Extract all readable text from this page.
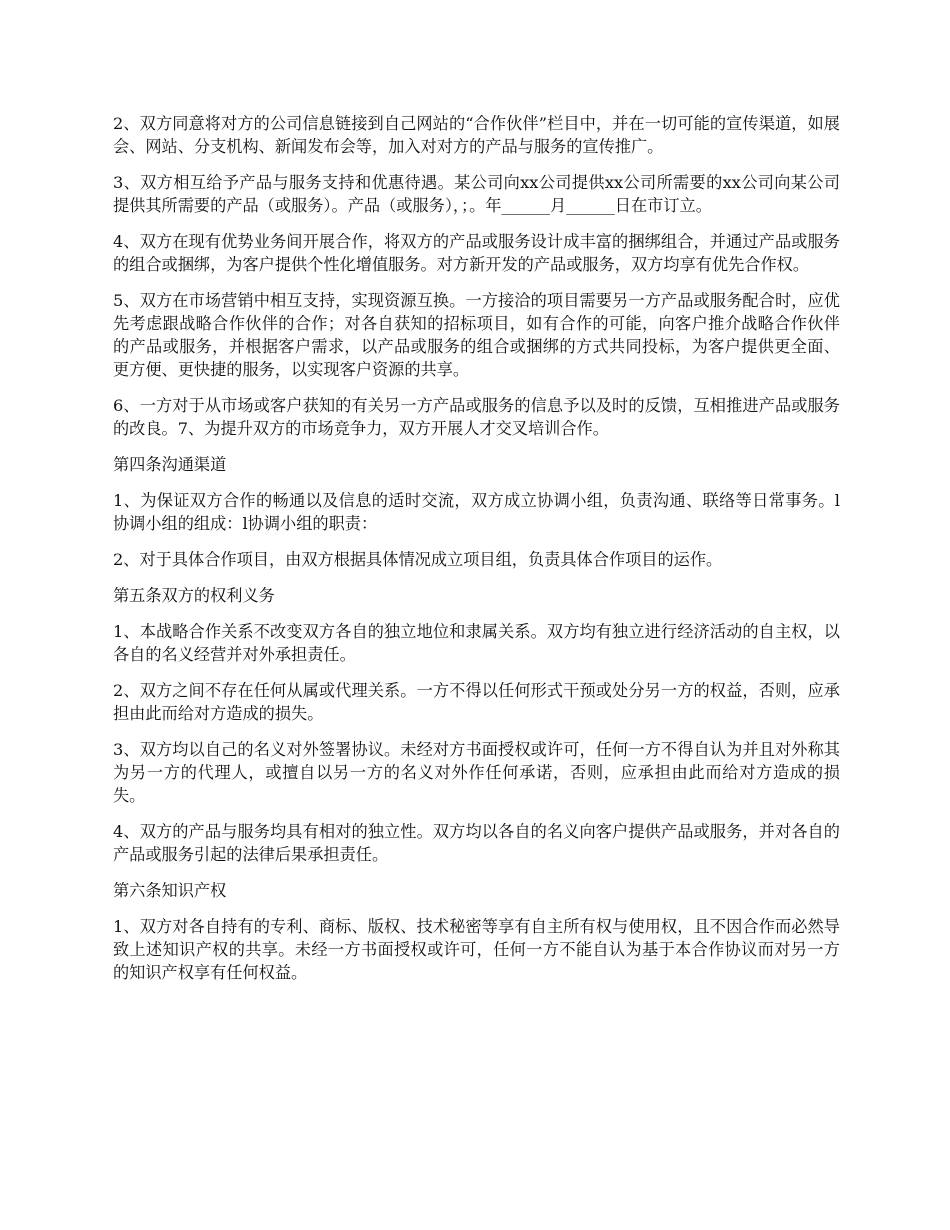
2、双方同意将对方的公司信息链接到自己网站的“合作伙伴”栏目中，并在一切可能的宣传渠道，如展会、网站、分支机构、新闻发布会等，加入对对方的产品与服务的宣传推广。

3、双方相互给予产品与服务支持和优惠待遇。某公司向xx公司提供xx公司所需要的xx公司向某公司提供其所需要的产品（或服务）。产品（或服务），；。年______月______日在市订立。

4、双方在现有优势业务间开展合作，将双方的产品或服务设计成丰富的捆绑组合，并通过产品或服务的组合或捆绑，为客户提供个性化增值服务。对方新开发的产品或服务，双方均享有优先合作权。

5、双方在市场营销中相互支持，实现资源互换。一方接洽的项目需要另一方产品或服务配合时，应优先考虑跟战略合作伙伴的合作；对各自获知的招标项目，如有合作的可能，向客户推介战略合作伙伴的产品或服务，并根据客户需求，以产品或服务的组合或捆绑的方式共同投标，为客户提供更全面、更方便、更快捷的服务，以实现客户资源的共享。

6、一方对于从市场或客户获知的有关另一方产品或服务的信息予以及时的反馈，互相推进产品或服务的改良。7、为提升双方的市场竞争力，双方开展人才交叉培训合作。

第四条沟通渠道

1、为保证双方合作的畅通以及信息的适时交流，双方成立协调小组，负责沟通、联络等日常事务。l协调小组的组成：l协调小组的职责：

2、对于具体合作项目，由双方根据具体情况成立项目组，负责具体合作项目的运作。

第五条双方的权利义务

1、本战略合作关系不改变双方各自的独立地位和隶属关系。双方均有独立进行经济活动的自主权，以各自的名义经营并对外承担责任。

2、双方之间不存在任何从属或代理关系。一方不得以任何形式干预或处分另一方的权益，否则，应承担由此而给对方造成的损失。

3、双方均以自己的名义对外签署协议。未经对方书面授权或许可，任何一方不得自认为并且对外称其为另一方的代理人，或擅自以另一方的名义对外作任何承诺，否则，应承担由此而给对方造成的损失。

4、双方的产品与服务均具有相对的独立性。双方均以各自的名义向客户提供产品或服务，并对各自的产品或服务引起的法律后果承担责任。

第六条知识产权

1、双方对各自持有的专利、商标、版权、技术秘密等享有自主所有权与使用权，且不因合作而必然导致上述知识产权的共享。未经一方书面授权或许可，任何一方不能自认为基于本合作协议而对另一方的知识产权享有任何权益。
